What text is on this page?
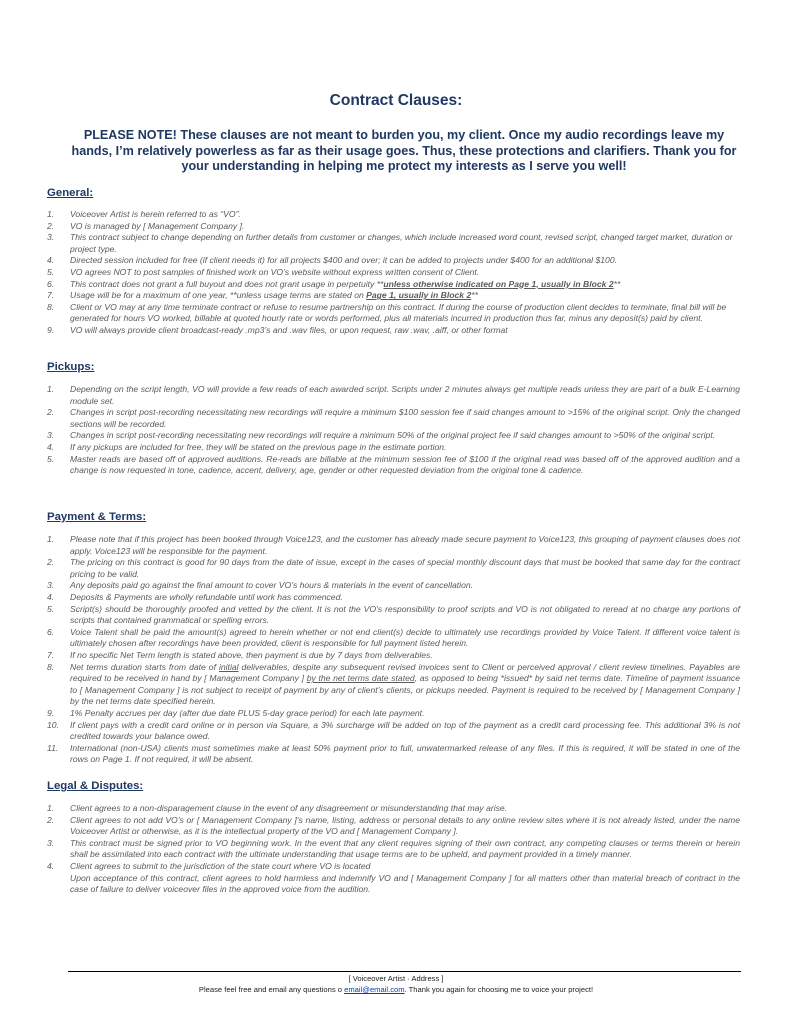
Contract Clauses:
PLEASE NOTE! These clauses are not meant to burden you, my client. Once my audio recordings leave my hands, I’m relatively powerless as far as their usage goes. Thus, these protections and clarifiers. Thank you for your understanding in helping me protect my interests as I serve you well!
General:
1. Voiceover Artist is herein referred to as “VO”.
2. VO is managed by [ Management Company ].
3. This contract subject to change depending on further details from customer or changes, which include increased word count, revised script, changed target market, duration or project type.
4. Directed session included for free (if client needs it) for all projects $400 and over; it can be added to projects under $400 for an additional $100.
5. VO agrees NOT to post samples of finished work on VO’s website without express written consent of Client.
6. This contract does not grant a full buyout and does not grant usage in perpetuity **unless otherwise indicated on Page 1, usually in Block 2**
7. Usage will be for a maximum of one year, **unless usage terms are stated on Page 1, usually in Block 2**
8. Client or VO may at any time terminate contract or refuse to resume partnership on this contract. If during the course of production client decides to terminate, final bill will be generated for hours VO worked, billable at quoted hourly rate or words performed, plus all materials incurred in production thus far, minus any deposit(s) paid by client.
9. VO will always provide client broadcast-ready .mp3’s and .wav files, or upon request, raw .wav, .aiff, or other format
Pickups:
1. Depending on the script length, VO will provide a few reads of each awarded script. Scripts under 2 minutes always get multiple reads unless they are part of a bulk E-Learning module set.
2. Changes in script post-recording necessitating new recordings will require a minimum $100 session fee if said changes amount to >15% of the original script. Only the changed sections will be recorded.
3. Changes in script post-recording necessitating new recordings will require a minimum 50% of the original project fee if said changes amount to >50% of the original script.
4. If any pickups are included for free, they will be stated on the previous page in the estimate portion.
5. Master reads are based off of approved auditions. Re-reads are billable at the minimum session fee of $100 if the original read was based off of the approved audition and a change is now requested in tone, cadence, accent, delivery, age, gender or other requested deviation from the original tone & cadence.
Payment & Terms:
1. Please note that if this project has been booked through Voice123, and the customer has already made secure payment to Voice123, this grouping of payment clauses does not apply. Voice123 will be responsible for the payment.
2. The pricing on this contract is good for 90 days from the date of issue, except in the cases of special monthly discount days that must be booked that same day for the contract pricing to be valid.
3. Any deposits paid go against the final amount to cover VO’s hours & materials in the event of cancellation.
4. Deposits & Payments are wholly refundable until work has commenced.
5. Script(s) should be thoroughly proofed and vetted by the client. It is not the VO’s responsibility to proof scripts and VO is not obligated to reread at no charge any portions of scripts that contained grammatical or spelling errors.
6. Voice Talent shall be paid the amount(s) agreed to herein whether or not end client(s) decide to ultimately use recordings provided by Voice Talent. If different voice talent is ultimately chosen after recordings have been provided, client is responsible for full payment listed herein.
7. If no specific Net Term length is stated above, then payment is due by 7 days from deliverables.
8. Net terms duration starts from date of initial deliverables, despite any subsequent revised invoices sent to Client or perceived approval / client review timelines. Payables are required to be received in hand by [ Management Company ] by the net terms date stated, as opposed to being *issued* by said net terms date. Timeline of payment issuance to [ Management Company ] is not subject to receipt of payment by any of client’s clients, or pickups needed. Payment is required to be received by [ Management Company ] by the net terms date specified herein.
9. 1% Penalty accrues per day (after due date PLUS 5-day grace period) for each late payment.
10. If client pays with a credit card online or in person via Square, a 3% surcharge will be added on top of the payment as a credit card processing fee. This additional 3% is not credited towards your balance owed.
11. International (non-USA) clients must sometimes make at least 50% payment prior to full, unwatermarked release of any files. If this is required, it will be stated in one of the rows on Page 1. If not required, it will be absent.
Legal & Disputes:
1. Client agrees to a non-disparagement clause in the event of any disagreement or misunderstanding that may arise.
2. Client agrees to not add VO’s or [ Management Company ]’s name, listing, address or personal details to any online review sites where it is not already listed, under the name Voiceover Artist or otherwise, as it is the intellectual property of the VO and [ Management Company ].
3. This contract must be signed prior to VO beginning work. In the event that any client requires signing of their own contract, any competing clauses or terms therein or herein shall be assimilated into each contract with the ultimate understanding that usage terms are to be upheld, and payment provided in a timely manner.
4. Client agrees to submit to the jurisdiction of the state court where VO is located
Upon acceptance of this contract, client agrees to hold harmless and indemnify VO and [ Management Company ] for all matters other than material breach of contract in the case of failure to deliver voiceover files in the approved voice from the audition.
[ Voiceover Artist · Address ]
Please feel free and email any questions o email@email.com. Thank you again for choosing me to voice your project!
